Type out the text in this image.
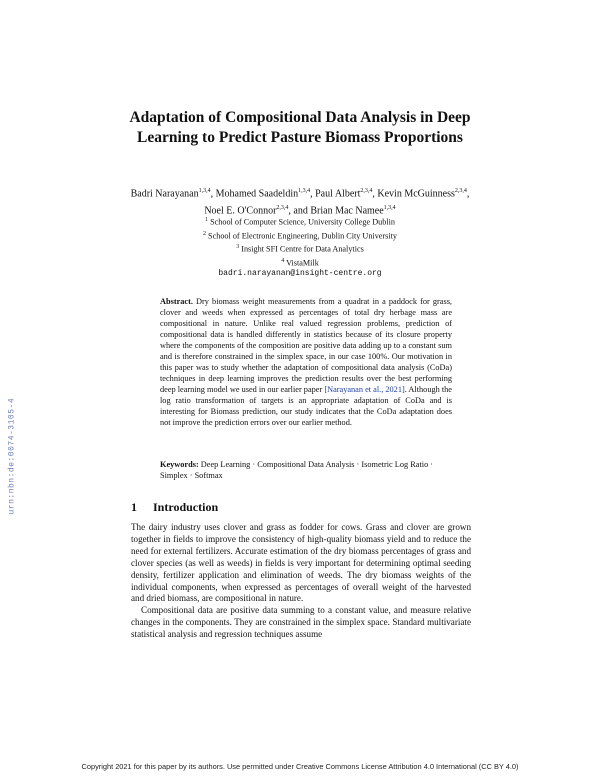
Adaptation of Compositional Data Analysis in Deep Learning to Predict Pasture Biomass Proportions
Badri Narayanan$^{1,3,4}$, Mohamed Saadeldin$^{1,3,4}$, Paul Albert$^{2,3,4}$, Kevin McGuinness$^{2,3,4}$, Noel E. O'Connor$^{2,3,4}$, and Brian Mac Namee$^{1,3,4}$
$^1$ School of Computer Science, University College Dublin
$^2$ School of Electronic Engineering, Dublin City University
$^3$ Insight SFI Centre for Data Analytics
$^4$ VistaMilk
badri.narayanan@insight-centre.org
Abstract. Dry biomass weight measurements from a quadrat in a paddock for grass, clover and weeds when expressed as percentages of total dry herbage mass are compositional in nature. Unlike real valued regression problems, prediction of compositional data is handled differently in statistics because of its closure property where the components of the composition are positive data adding up to a constant sum and is therefore constrained in the simplex space, in our case 100%. Our motivation in this paper was to study whether the adaptation of compositional data analysis (CoDa) techniques in deep learning improves the prediction results over the best performing deep learning model we used in our earlier paper [Narayanan et al., 2021]. Although the log ratio transformation of targets is an appropriate adaptation of CoDa and is interesting for Biomass prediction, our study indicates that the CoDa adaptation does not improve the prediction errors over our earlier method.
Keywords: Deep Learning · Compositional Data Analysis · Isometric Log Ratio · Simplex · Softmax
1 Introduction

The dairy industry uses clover and grass as fodder for cows. Grass and clover are grown together in fields to improve the consistency of high-quality biomass yield and to reduce the need for external fertilizers. Accurate estimation of the dry biomass percentages of grass and clover species (as well as weeds) in fields is very important for determining optimal seeding density, fertilizer application and elimination of weeds. The dry biomass weights of the individual components, when expressed as percentages of overall weight of the harvested and dried biomass, are compositional in nature.

Compositional data are positive data summing to a constant value, and measure relative changes in the components. They are constrained in the simplex space. Standard multivariate statistical analysis and regression techniques assume

urn:nbn:de:0074-3105-4
Copyright 2021 for this paper by its authors. Use permitted under Creative Commons License Attribution 4.0 International (CC BY 4.0)
